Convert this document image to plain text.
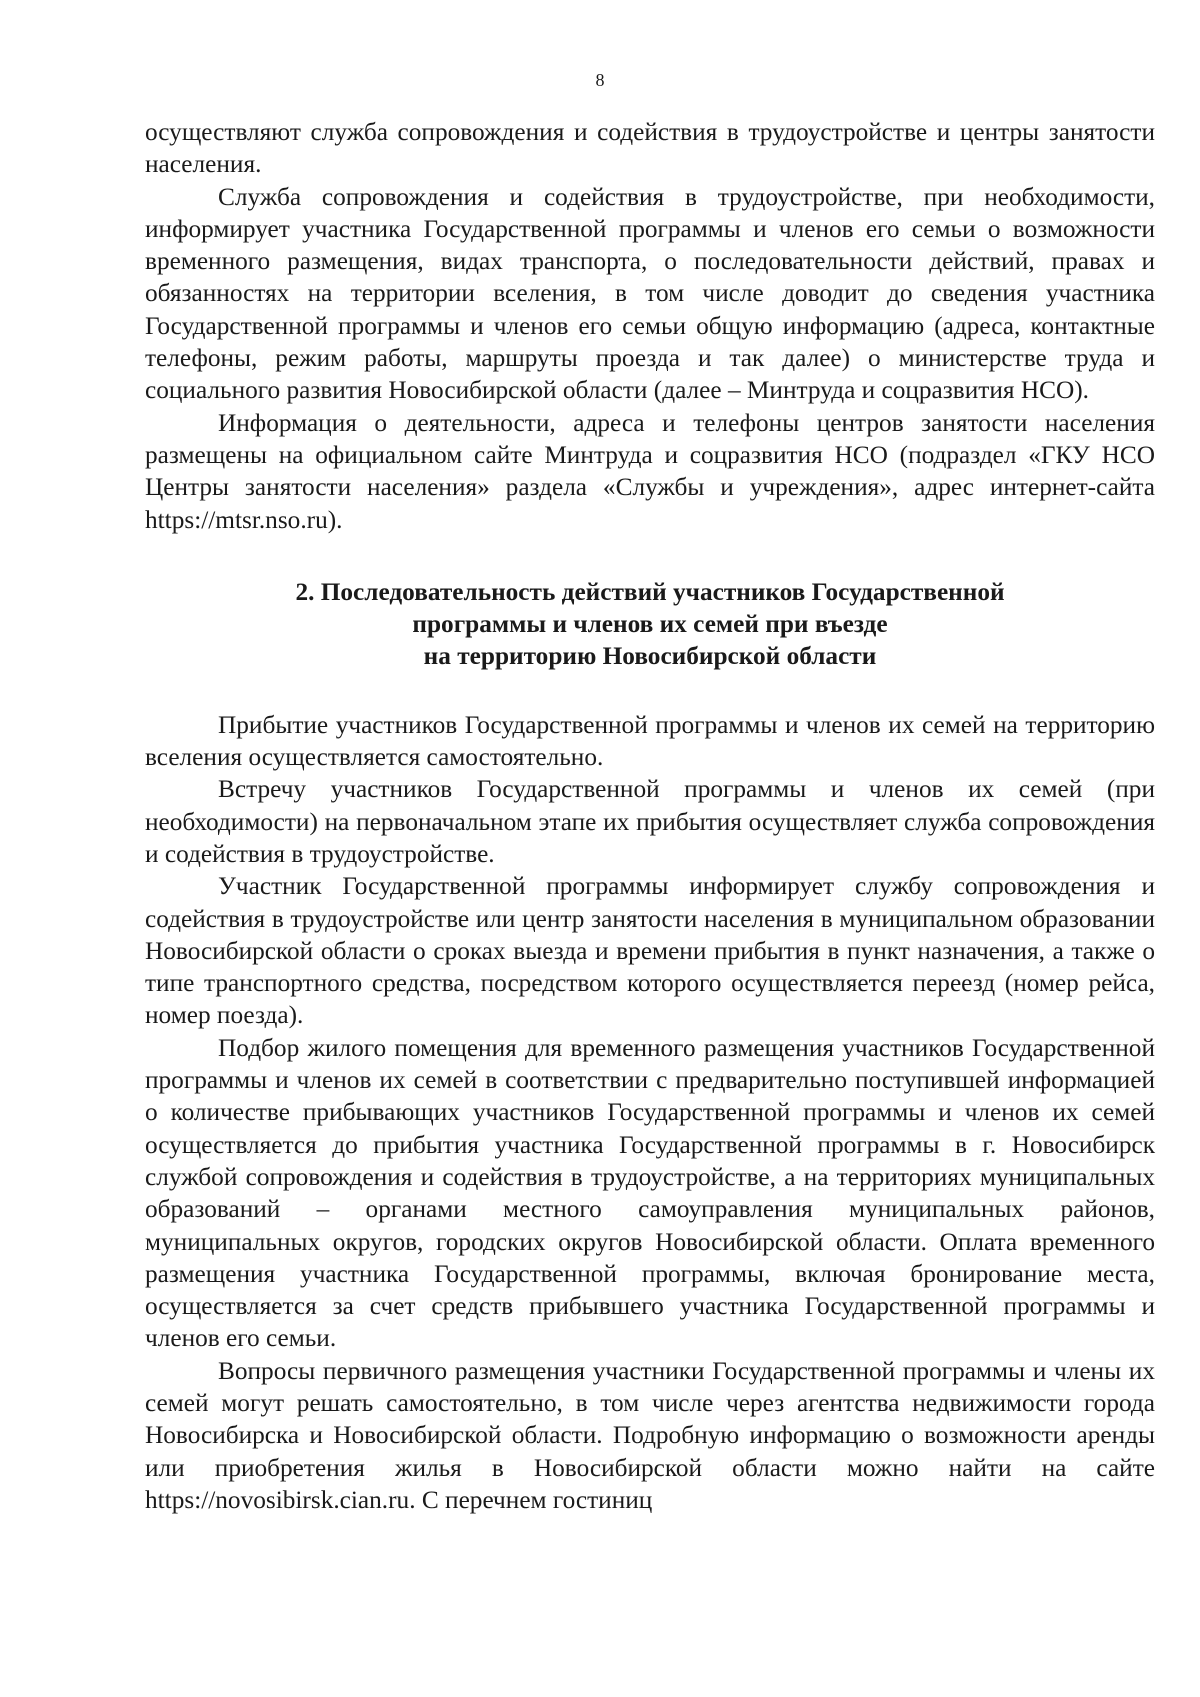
8

осуществляют служба сопровождения и содействия в трудоустройстве и центры занятости населения.

Служба сопровождения и содействия в трудоустройстве, при необходимости, информирует участника Государственной программы и членов его семьи о возможности временного размещения, видах транспорта, о последовательности действий, правах и обязанностях на территории вселения, в том числе доводит до сведения участника Государственной программы и членов его семьи общую информацию (адреса, контактные телефоны, режим работы, маршруты проезда и так далее) о министерстве труда и социального развития Новосибирской области (далее – Минтруда и соцразвития НСО).

Информация о деятельности, адреса и телефоны центров занятости населения размещены на официальном сайте Минтруда и соцразвития НСО (подраздел «ГКУ НСО Центры занятости населения» раздела «Службы и учреждения», адрес интернет-сайта https://mtsr.nso.ru).

2. Последовательность действий участников Государственной
программы и членов их семей при въезде
на территорию Новосибирской области

Прибытие участников Государственной программы и членов их семей на территорию вселения осуществляется самостоятельно.

Встречу участников Государственной программы и членов их семей (при необходимости) на первоначальном этапе их прибытия осуществляет служба сопровождения и содействия в трудоустройстве.

Участник Государственной программы информирует службу сопровождения и содействия в трудоустройстве или центр занятости населения в муниципальном образовании Новосибирской области о сроках выезда и времени прибытия в пункт назначения, а также о типе транспортного средства, посредством которого осуществляется переезд (номер рейса, номер поезда).

Подбор жилого помещения для временного размещения участников Государственной программы и членов их семей в соответствии с предварительно поступившей информацией о количестве прибывающих участников Государственной программы и членов их семей осуществляется до прибытия участника Государственной программы в г. Новосибирск службой сопровождения и содействия в трудоустройстве, а на территориях муниципальных образований – органами местного самоуправления муниципальных районов, муниципальных округов, городских округов Новосибирской области. Оплата временного размещения участника Государственной программы, включая бронирование места, осуществляется за счет средств прибывшего участника Государственной программы и членов его семьи.

Вопросы первичного размещения участники Государственной программы и члены их семей могут решать самостоятельно, в том числе через агентства недвижимости города Новосибирска и Новосибирской области. Подробную информацию о возможности аренды или приобретения жилья в Новосибирской области можно найти на сайте https://novosibirsk.cian.ru. С перечнем гостиниц
